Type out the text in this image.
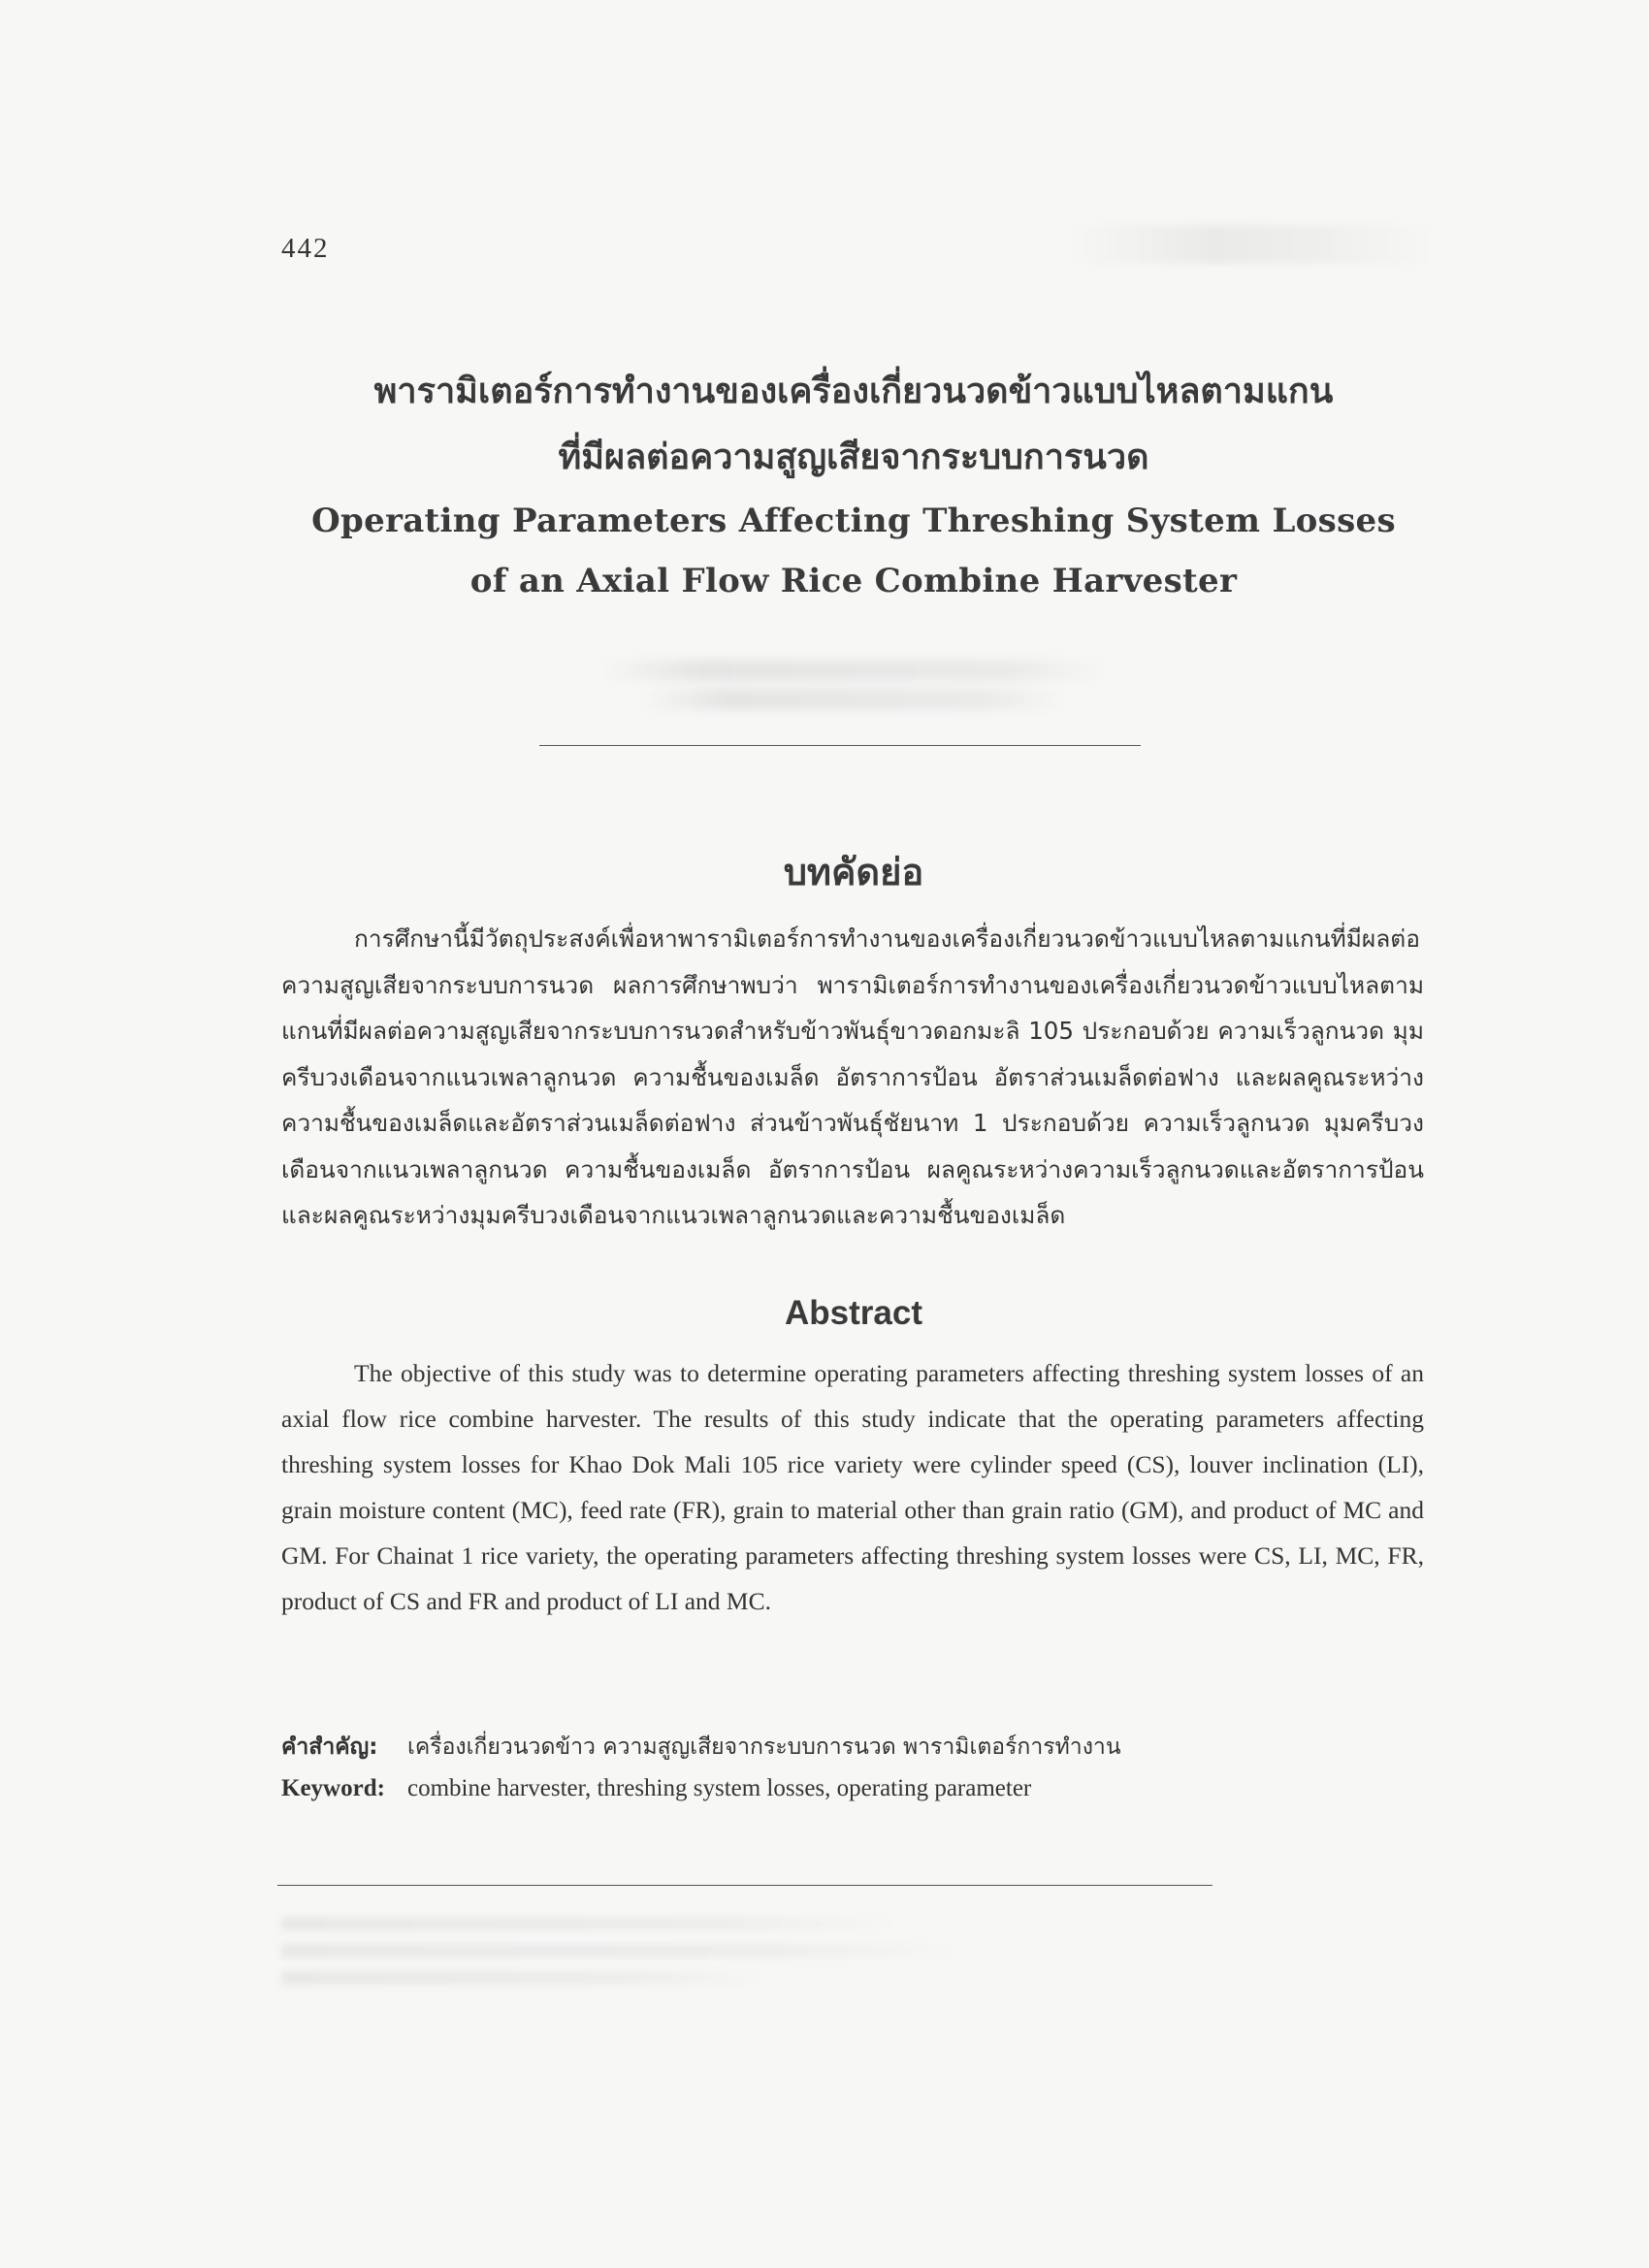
442

พารามิเตอร์การทำงานของเครื่องเกี่ยวนวดข้าวแบบไหลตามแกน

ที่มีผลต่อความสูญเสียจากระบบการนวด

Operating Parameters Affecting Threshing System Losses

of an Axial Flow Rice Combine Harvester

บทคัดย่อ

การศึกษานี้มีวัตถุประสงค์เพื่อหาพารามิเตอร์การทำงานของเครื่องเกี่ยวนวดข้าวแบบไหลตามแกนที่มีผลต่อความสูญเสียจากระบบการนวด ผลการศึกษาพบว่า พารามิเตอร์การทำงานของเครื่องเกี่ยวนวดข้าวแบบไหลตามแกนที่มีผลต่อความสูญเสียจากระบบการนวดสำหรับข้าวพันธุ์ขาวดอกมะลิ 105 ประกอบด้วย ความเร็วลูกนวด มุมครีบวงเดือนจากแนวเพลาลูกนวด ความชื้นของเมล็ด อัตราการป้อน อัตราส่วนเมล็ดต่อฟาง และผลคูณระหว่างความชื้นของเมล็ดและอัตราส่วนเมล็ดต่อฟาง ส่วนข้าวพันธุ์ชัยนาท 1 ประกอบด้วย ความเร็วลูกนวด มุมครีบวงเดือนจากแนวเพลาลูกนวด ความชื้นของเมล็ด อัตราการป้อน ผลคูณระหว่างความเร็วลูกนวดและอัตราการป้อน และผลคูณระหว่างมุมครีบวงเดือนจากแนวเพลาลูกนวดและความชื้นของเมล็ด

Abstract

The objective of this study was to determine operating parameters affecting threshing system losses of an axial flow rice combine harvester. The results of this study indicate that the operating parameters affecting threshing system losses for Khao Dok Mali 105 rice variety were cylinder speed (CS), louver inclination (LI), grain moisture content (MC), feed rate (FR), grain to material other than grain ratio (GM), and product of MC and GM. For Chainat 1 rice variety, the operating parameters affecting threshing system losses were CS, LI, MC, FR, product of CS and FR and product of LI and MC.

คำสำคัญ: เครื่องเกี่ยวนวดข้าว ความสูญเสียจากระบบการนวด พารามิเตอร์การทำงาน
Keyword: combine harvester, threshing system losses, operating parameter
